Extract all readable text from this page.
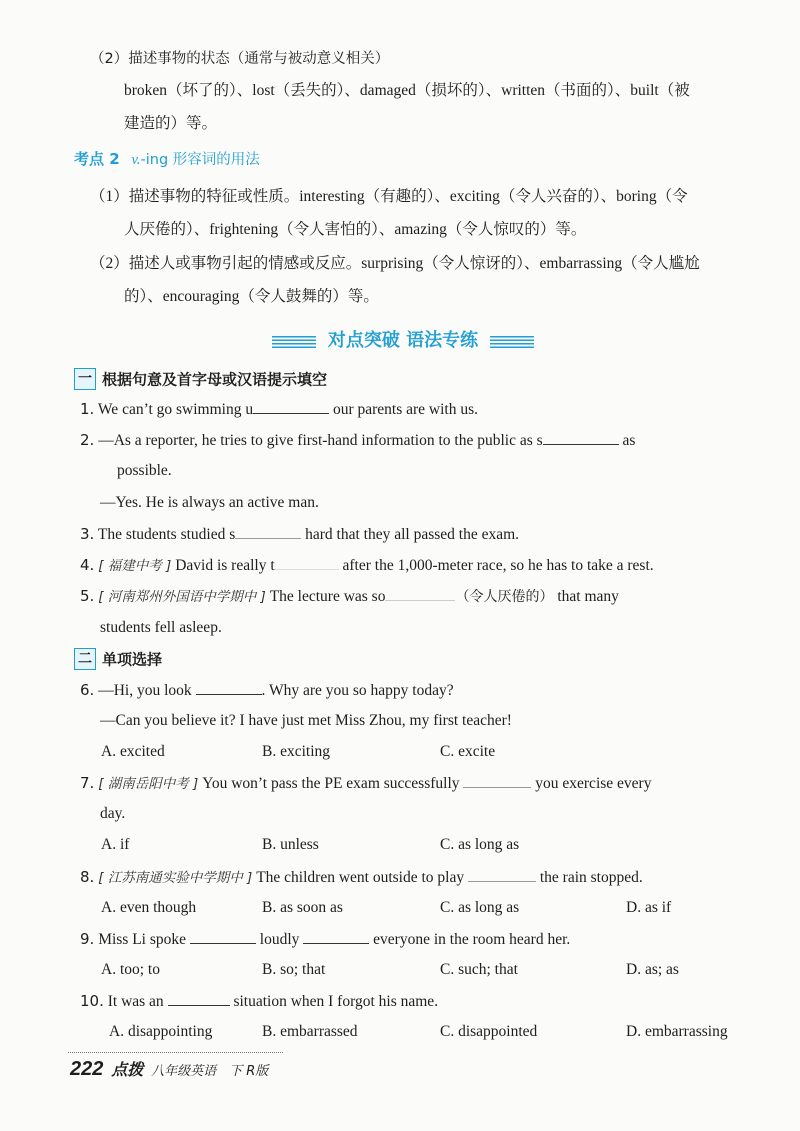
（2）描述事物的状态（通常与被动意义相关）
broken（坏了的）、lost（丢失的）、damaged（损坏的）、written（书面的）、built（被
建造的）等。
考点 2 v.-ing 形容词的用法
（1）描述事物的特征或性质。interesting（有趣的）、exciting（令人兴奋的）、boring（令
人厌倦的）、frightening（令人害怕的）、amazing（令人惊叹的）等。
（2）描述人或事物引起的情感或反应。surprising（令人惊讶的）、embarrassing（令人尴尬
的）、encouraging（令人鼓舞的）等。
对点突破 语法专练
一 根据句意及首字母或汉语提示填空
1. We can’t go swimming u	our parents are with us.
2. —As a reporter, he tries to give first-hand information to the public as s	as
possible.
—Yes. He is always an active man.
3. The students studied s	hard that they all passed the exam.
4. [ 福建中考 ] David is really t	after the 1,000-meter race, so he has to take a rest.
5. [ 河南郑州外国语中学期中 ] The lecture was so	（令人厌倦的） that many
students fell asleep.
二 单项选择
6. —Hi, you look	. Why are you so happy today?
—Can you believe it? I have just met Miss Zhou, my first teacher!
A. excited	B. exciting	C. excite
7. [ 湖南岳阳中考 ] You won’t pass the PE exam successfully	you exercise every
day.
A. if	B. unless	C. as long as
8. [ 江苏南通实验中学期中 ] The children went outside to play	the rain stopped.
A. even though	B. as soon as	C. as long as	D. as if
9. Miss Li spoke	loudly	everyone in the room heard her.
A. too; to	B. so; that	C. such; that	D. as; as
10. It was an	situation when I forgot his name.
A. disappointing	B. embarrassed	C. disappointed	D. embarrassing
222 点拨 八年级英语　下 R版
